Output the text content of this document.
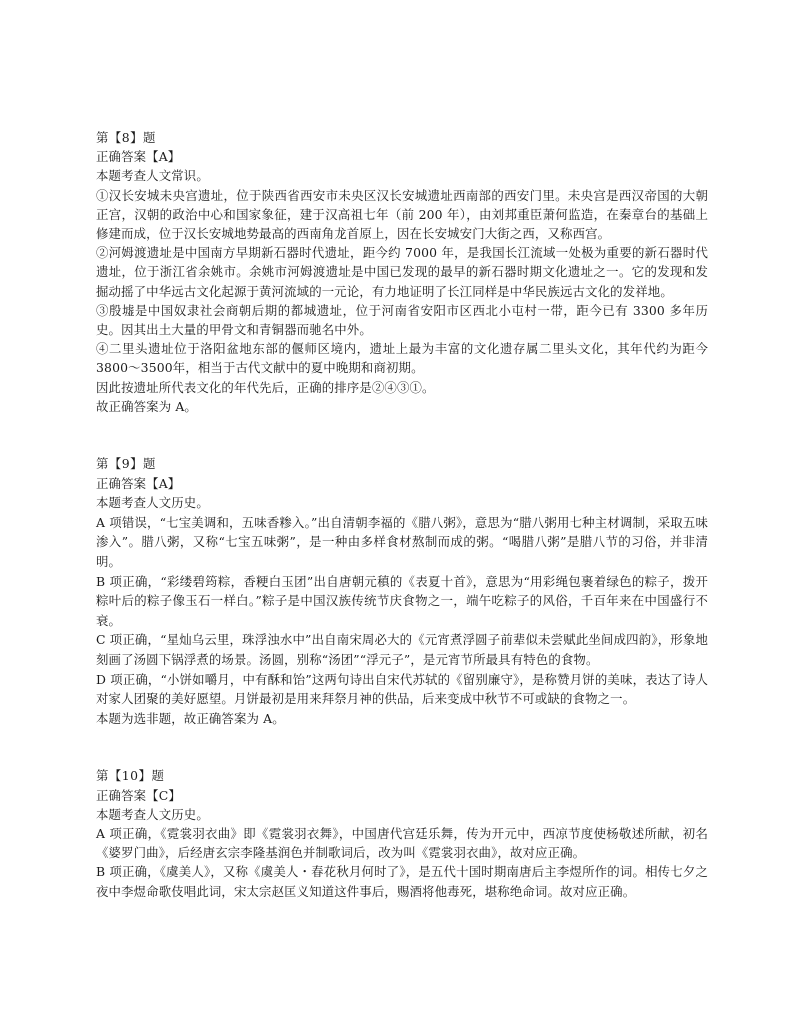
第【8】题

正确答案【A】

本题考查人文常识。

①汉长安城未央宫遗址，位于陕西省西安市未央区汉长安城遗址西南部的西安门里。未央宫是西汉帝国的大朝正宫，汉朝的政治中心和国家象征，建于汉高祖七年（前 200 年），由刘邦重臣萧何监造，在秦章台的基础上修建而成，位于汉长安城地势最高的西南角龙首原上，因在长安城安门大街之西，又称西宫。

②河姆渡遗址是中国南方早期新石器时代遗址，距今约 7000 年，是我国长江流域一处极为重要的新石器时代遗址，位于浙江省余姚市。余姚市河姆渡遗址是中国已发现的最早的新石器时期文化遗址之一。它的发现和发掘动摇了中华远古文化起源于黄河流域的一元论，有力地证明了长江同样是中华民族远古文化的发祥地。

③殷墟是中国奴隶社会商朝后期的都城遗址，位于河南省安阳市区西北小屯村一带，距今已有 3300 多年历史。因其出土大量的甲骨文和青铜器而驰名中外。

④二里头遗址位于洛阳盆地东部的偃师区境内，遗址上最为丰富的文化遗存属二里头文化，其年代约为距今3800～3500年，相当于古代文献中的夏中晚期和商初期。

因此按遗址所代表文化的年代先后，正确的排序是②④③①。

故正确答案为 A。

第【9】题

正确答案【A】

本题考查人文历史。

A 项错误，“七宝美调和，五味香糁入。”出自清朝李福的《腊八粥》，意思为“腊八粥用七种主材调制，采取五味渗入”。腊八粥，又称“七宝五味粥”，是一种由多样食材熬制而成的粥。“喝腊八粥”是腊八节的习俗，并非清明。

B 项正确，“彩缕碧筠粽，香粳白玉团”出自唐朝元稹的《表夏十首》，意思为“用彩绳包裹着绿色的粽子，拨开粽叶后的粽子像玉石一样白。”粽子是中国汉族传统节庆食物之一，端午吃粽子的风俗，千百年来在中国盛行不衰。

C 项正确，“星灿乌云里，珠浮浊水中”出自南宋周必大的《元宵煮浮圆子前辈似未尝赋此坐间成四韵》，形象地刻画了汤圆下锅浮煮的场景。汤圆，别称“汤团”“浮元子”，是元宵节所最具有特色的食物。

D 项正确，“小饼如嚼月，中有酥和饴”这两句诗出自宋代苏轼的《留别廉守》，是称赞月饼的美味，表达了诗人对家人团聚的美好愿望。月饼最初是用来拜祭月神的供品，后来变成中秋节不可或缺的食物之一。

本题为选非题，故正确答案为 A。

第【10】题

正确答案【C】

本题考查人文历史。

A 项正确，《霓裳羽衣曲》即《霓裳羽衣舞》，中国唐代宫廷乐舞，传为开元中，西凉节度使杨敬述所献，初名《婆罗门曲》，后经唐玄宗李隆基润色并制歌词后，改为叫《霓裳羽衣曲》，故对应正确。

B 项正确，《虞美人》，又称《虞美人・春花秋月何时了》，是五代十国时期南唐后主李煜所作的词。相传七夕之夜中李煜命歌伎唱此词，宋太宗赵匡义知道这件事后，赐酒将他毒死，堪称绝命词。故对应正确。
